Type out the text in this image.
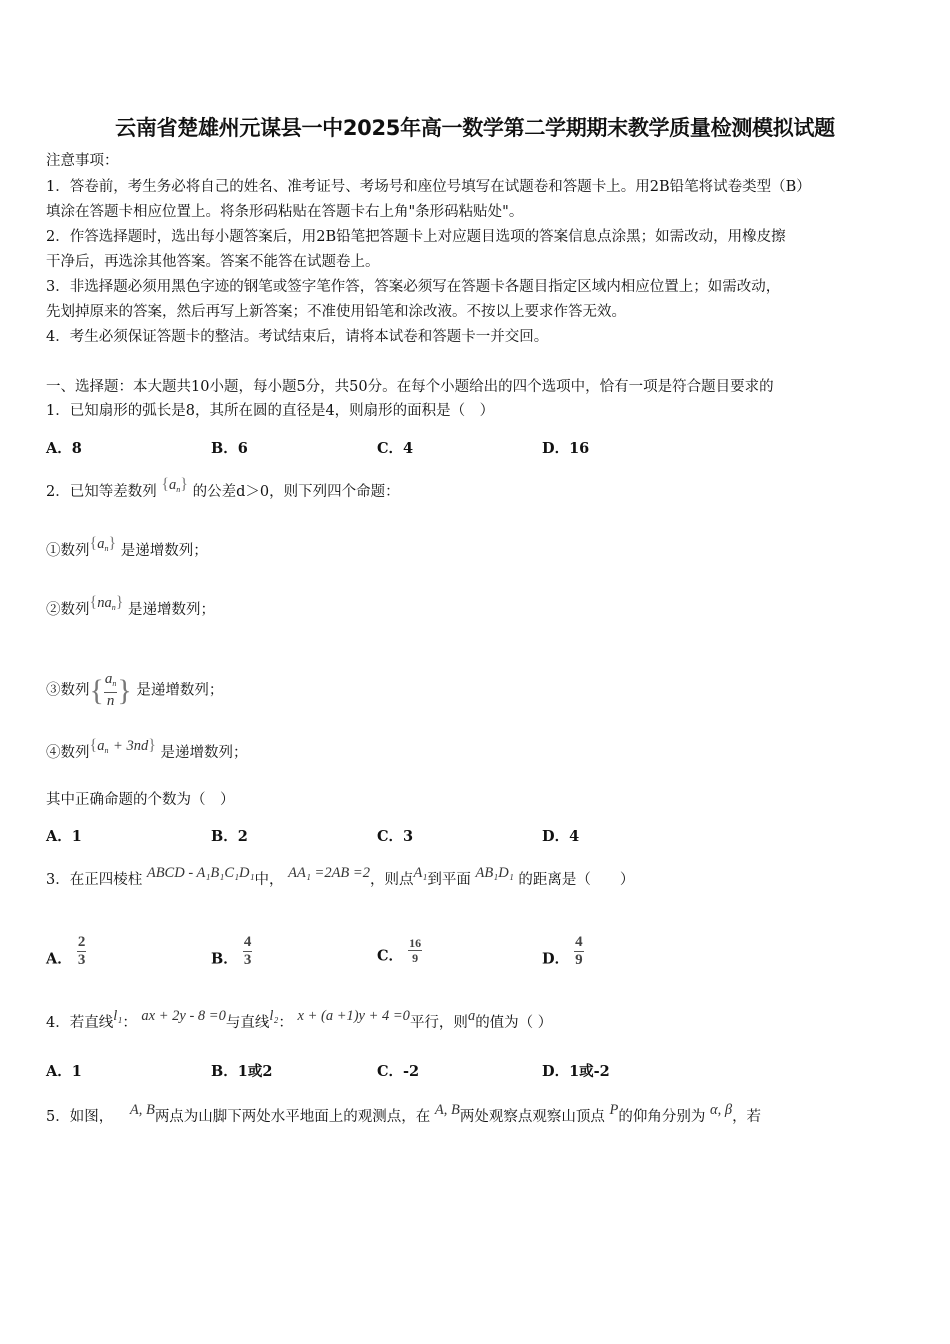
云南省楚雄州元谋县一中2025年高一数学第二学期期末教学质量检测模拟试题
注意事项：
1．答卷前，考生务必将自己的姓名、准考证号、考场号和座位号填写在试题卷和答题卡上。用2B铅笔将试卷类型（B）
填涂在答题卡相应位置上。将条形码粘贴在答题卡右上角"条形码粘贴处"。
2．作答选择题时，选出每小题答案后，用2B铅笔把答题卡上对应题目选项的答案信息点涂黑；如需改动，用橡皮擦
干净后，再选涂其他答案。答案不能答在试题卷上。
3．非选择题必须用黑色字迹的钢笔或签字笔作答，答案必须写在答题卡各题目指定区域内相应位置上；如需改动，
先划掉原来的答案，然后再写上新答案；不准使用铅笔和涂改液。不按以上要求作答无效。
4．考生必须保证答题卡的整洁。考试结束后，请将本试卷和答题卡一并交回。
一、选择题：本大题共10小题，每小题5分，共50分。在每个小题给出的四个选项中，恰有一项是符合题目要求的
1．已知扇形的弧长是8，其所在圆的直径是4，则扇形的面积是（　）
A．8	B．6	C．4	D．16
2．已知等差数列 $\{a_n\}$ 的公差d＞0，则下列四个命题：
①数列$\{a_n\}$ 是递增数列；
②数列$\{na_n\}$ 是递增数列；
③数列{ $\frac{a_n}{n}$ } 是递增数列；
④数列$\{a_n + 3nd\}$ 是递增数列；
其中正确命题的个数为（　）
A．1	B．2	C．3	D．4
3．在正四棱柱 ABCD - A₁B₁C₁D₁中， AA₁ =2AB =2，则点A₁到平面 AB₁D₁ 的距离是（　　）
A． $\frac{2}{3}$	B． $\frac{4}{3}$	C． $\frac{16}{9}$	D． $\frac{4}{9}$
4．若直线l₁： ax + 2y - 8 =0与直线l₂： x + (a +1)y + 4 =0平行，则a的值为（ ）
A．1	B．1或2	C．-2	D．1或-2
5．如图， A, B两点为山脚下两处水平地面上的观测点，在 A, B两处观察点观察山顶点 P的仰角分别为 α, β，若
